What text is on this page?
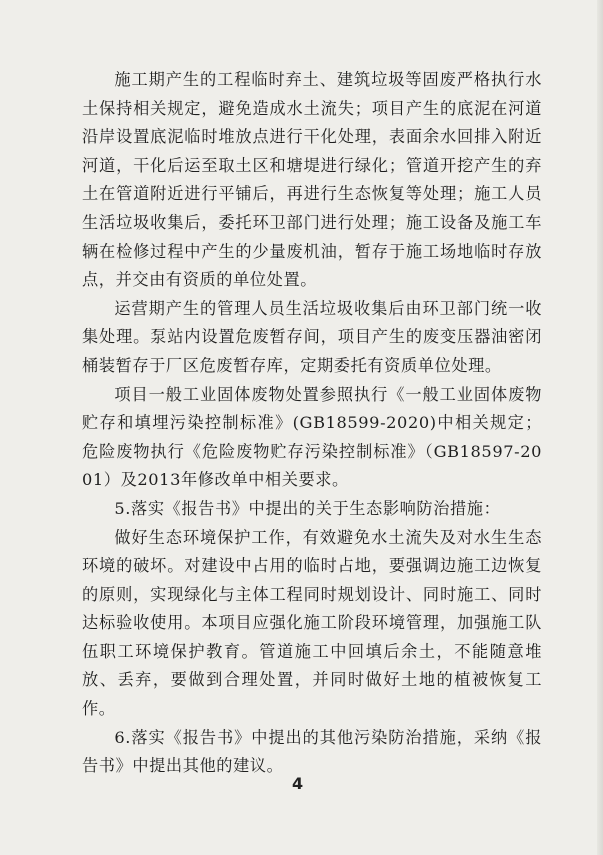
施工期产生的工程临时弃土、建筑垃圾等固废严格执行水土保持相关规定，避免造成水土流失；项目产生的底泥在河道沿岸设置底泥临时堆放点进行干化处理，表面余水回排入附近河道，干化后运至取土区和塘堤进行绿化；管道开挖产生的弃土在管道附近进行平铺后，再进行生态恢复等处理；施工人员生活垃圾收集后，委托环卫部门进行处理；施工设备及施工车辆在检修过程中产生的少量废机油，暂存于施工场地临时存放点，并交由有资质的单位处置。

运营期产生的管理人员生活垃圾收集后由环卫部门统一收集处理。泵站内设置危废暂存间，项目产生的废变压器油密闭桶装暂存于厂区危废暂存库，定期委托有资质单位处理。

项目一般工业固体废物处置参照执行《一般工业固体废物贮存和填埋污染控制标准》(GB18599-2020)中相关规定；危险废物执行《危险废物贮存污染控制标准》（GB18597-2001）及2013年修改单中相关要求。

5.落实《报告书》中提出的关于生态影响防治措施：

做好生态环境保护工作，有效避免水土流失及对水生生态环境的破坏。对建设中占用的临时占地，要强调边施工边恢复的原则，实现绿化与主体工程同时规划设计、同时施工、同时达标验收使用。本项目应强化施工阶段环境管理，加强施工队伍职工环境保护教育。管道施工中回填后余土，不能随意堆放、丢弃，要做到合理处置，并同时做好土地的植被恢复工作。

6.落实《报告书》中提出的其他污染防治措施，采纳《报告书》中提出其他的建议。

4
